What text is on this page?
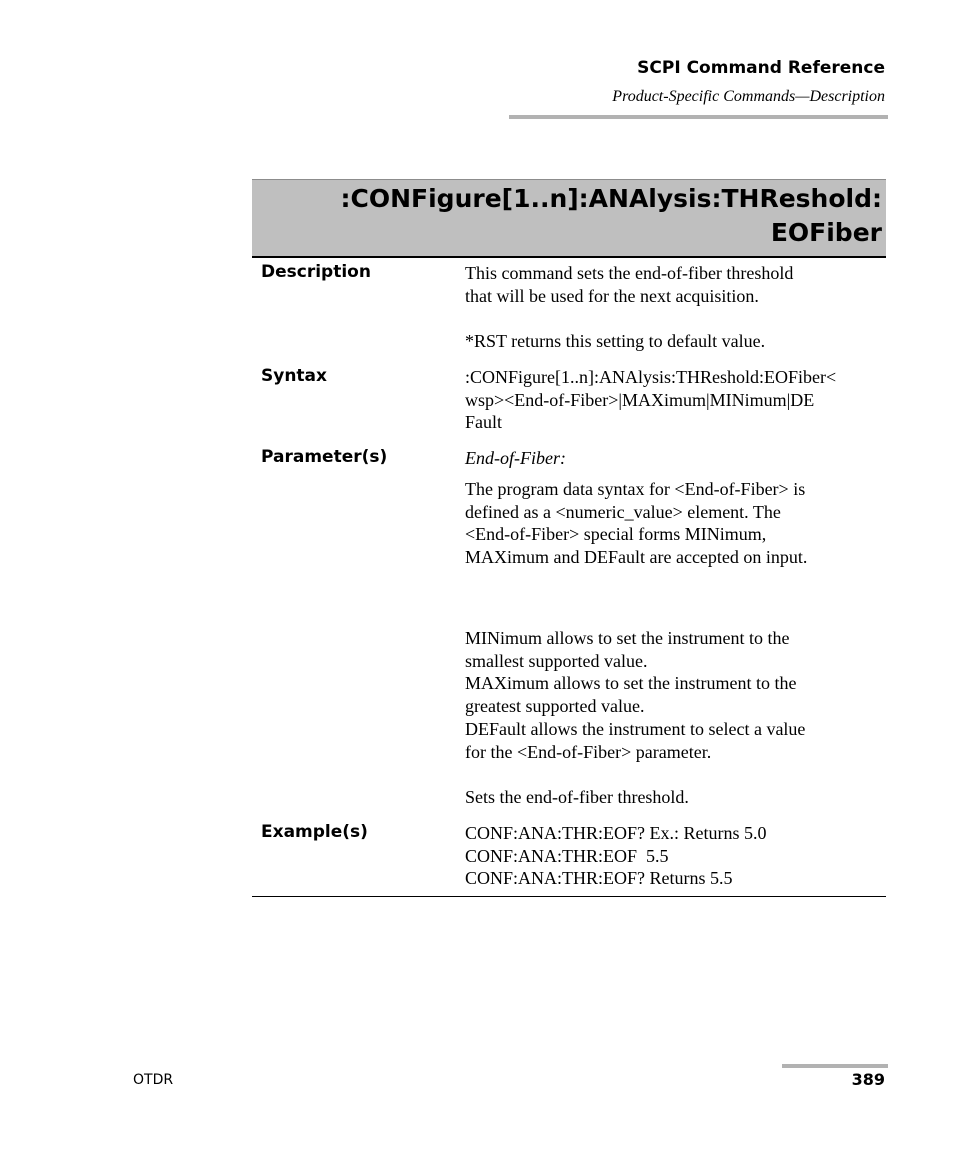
SCPI Command Reference
Product-Specific Commands—Description
:CONFigure[1..n]:ANAlysis:THReshold:
EOFiber
Description	This command sets the end-of-fiber threshold
that will be used for the next acquisition.
*RST returns this setting to default value.
Syntax	:CONFigure[1..n]:ANAlysis:THReshold:EOFiber<
wsp><End-of-Fiber>|MAXimum|MINimum|DE
Fault
Parameter(s)	End-of-Fiber:
The program data syntax for <End-of-Fiber> is
defined as a <numeric_value> element. The
<End-of-Fiber> special forms MINimum,
MAXimum and DEFault are accepted on input.
MINimum allows to set the instrument to the
smallest supported value.
MAXimum allows to set the instrument to the
greatest supported value.
DEFault allows the instrument to select a value
for the <End-of-Fiber> parameter.
Sets the end-of-fiber threshold.
Example(s)	CONF:ANA:THR:EOF? Ex.: Returns 5.0
CONF:ANA:THR:EOF  5.5
CONF:ANA:THR:EOF? Returns 5.5
OTDR	389
